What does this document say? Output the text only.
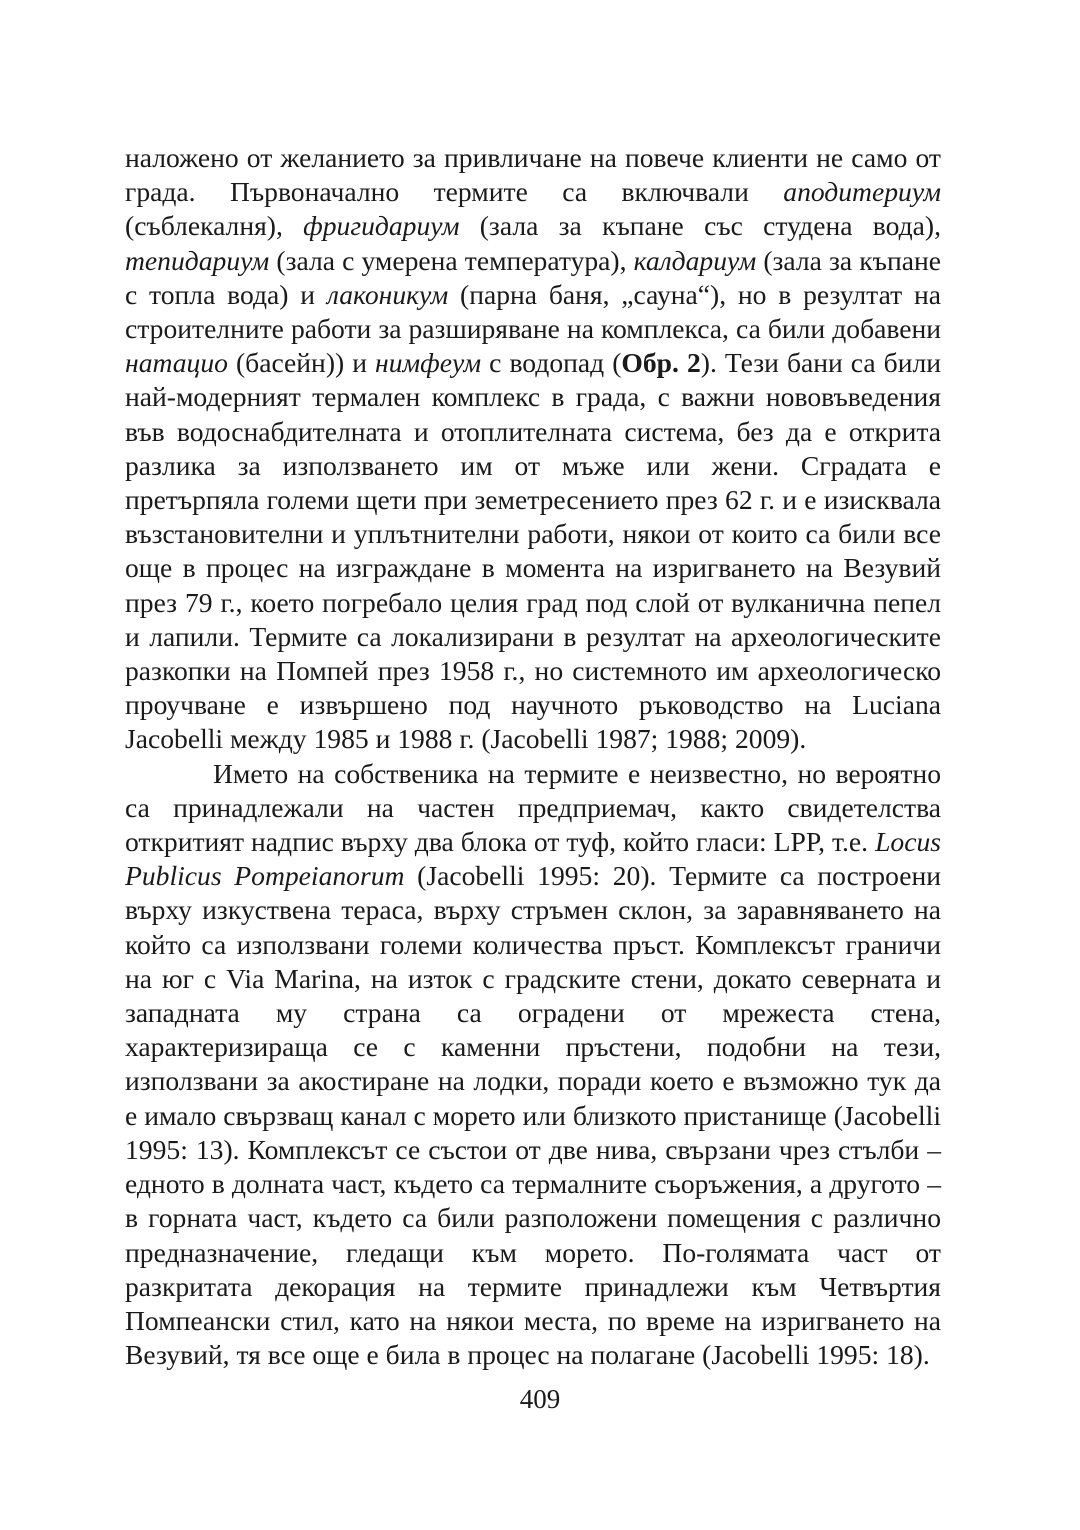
наложено от желанието за привличане на повече клиенти не само от града. Първоначално термите са включвали аподитериум (съблекалня), фригидариум (зала за къпане със студена вода), тепидариум (зала с умерена температура), калдариум (зала за къпане с топла вода) и лаконикум (парна баня, „сауна“), но в резултат на строителните работи за разширяване на комплекса, са били добавени натацио (басейн)) и нимфеум с водопад (Обр. 2). Тези бани са били най-модерният термален комплекс в града, с важни нововъведения във водоснабдителната и отоплителната система, без да е открита разлика за използването им от мъже или жени. Сградата е претърпяла големи щети при земетресението през 62 г. и е изисквала възстановителни и уплътнителни работи, някои от които са били все още в процес на изграждане в момента на изригването на Везувий през 79 г., което погребало целия град под слой от вулканична пепел и лапили. Термите са локализирани в резултат на археологическите разкопки на Помпей през 1958 г., но системното им археологическо проучване е извършено под научното ръководство на Luciana Jacobelli между 1985 и 1988 г. (Jacobelli 1987; 1988; 2009).

Името на собственика на термите е неизвестно, но вероятно са принадлежали на частен предприемач, както свидетелства откритият надпис върху два блока от туф, който гласи: LPP, т.е. Locus Publicus Pompeianorum (Jacobelli 1995: 20). Термите са построени върху изкуствена тераса, върху стръмен склон, за заравняването на който са използвани големи количества пръст. Комплексът граничи на юг с Via Marina, на изток с градските стени, докато северната и западната му страна са оградени от мрежеста стена, характеризираща се с каменни пръстени, подобни на тези, използвани за акостиране на лодки, поради което е възможно тук да е имало свързващ канал с морето или близкото пристанище (Jacobelli 1995: 13). Комплексът се състои от две нива, свързани чрез стълби – едното в долната част, където са термалните съоръжения, а другото – в горната част, където са били разположени помещения с различно предназначение, гледащи към морето. По-голямата част от разкритата декорация на термите принадлежи към Четвъртия Помпеански стил, като на някои места, по време на изригването на Везувий, тя все още е била в процес на полагане (Jacobelli 1995: 18).

409
